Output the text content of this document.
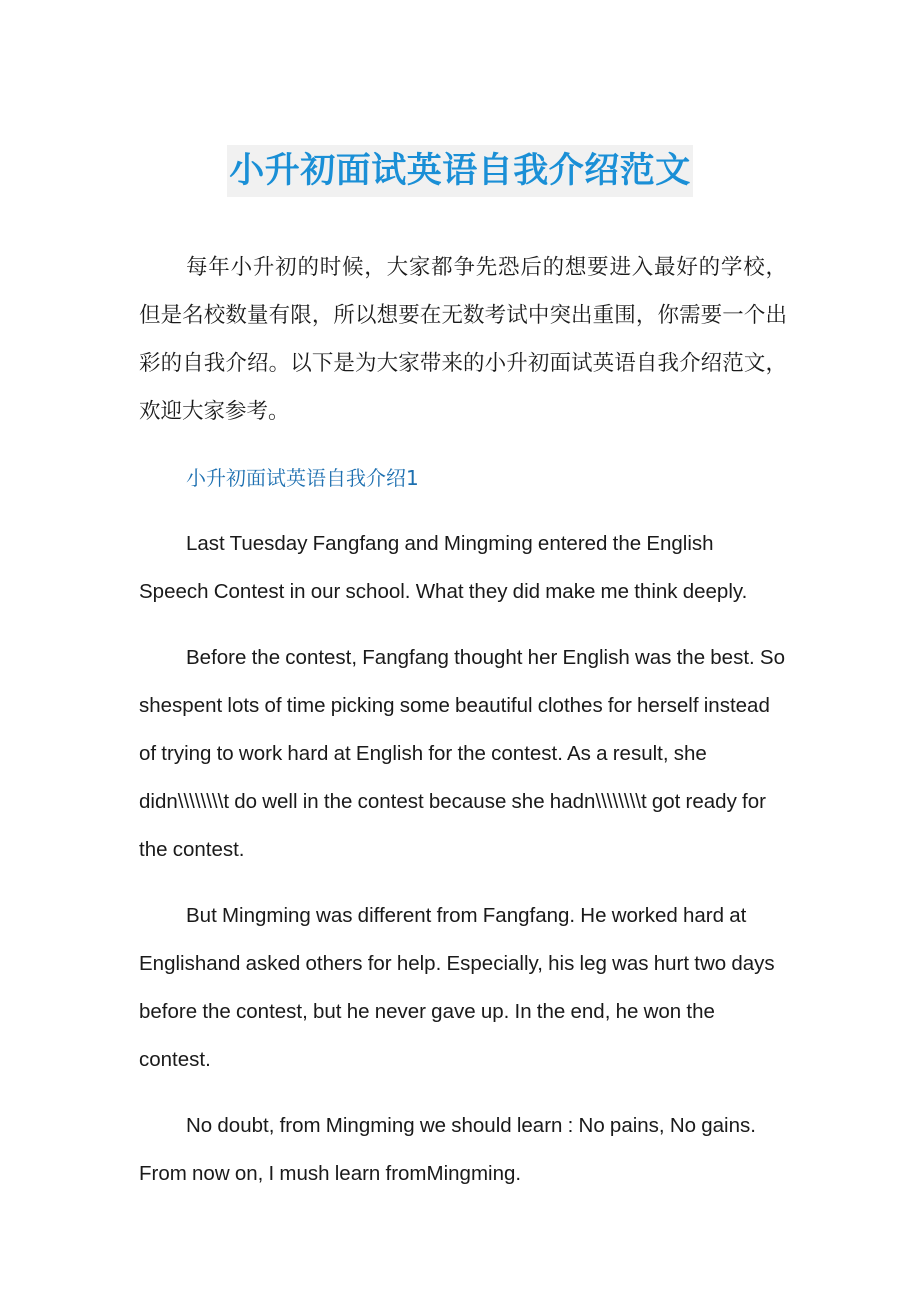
小升初面试英语自我介绍范文

每年小升初的时候，大家都争先恐后的想要进入最好的学校，但是名校数量有限，所以想要在无数考试中突出重围，你需要一个出彩的自我介绍。以下是为大家带来的小升初面试英语自我介绍范文，欢迎大家参考。

小升初面试英语自我介绍1

Last Tuesday Fangfang and Mingming entered the English Speech Contest in our school. What they did make me think deeply.

Before the contest, Fangfang thought her English was the best. So shespent lots of time picking some beautiful clothes for herself instead of trying to work hard at English for the contest. As a result, she didn\\\\\\\\t do well in the contest because she hadn\\\\\\\\t got ready for the contest.

But Mingming was different from Fangfang. He worked hard at Englishand asked others for help. Especially, his leg was hurt two days before the contest, but he never gave up. In the end, he won the contest.

No doubt, from Mingming we should learn : No pains, No gains. From now on, I mush learn fromMingming.
